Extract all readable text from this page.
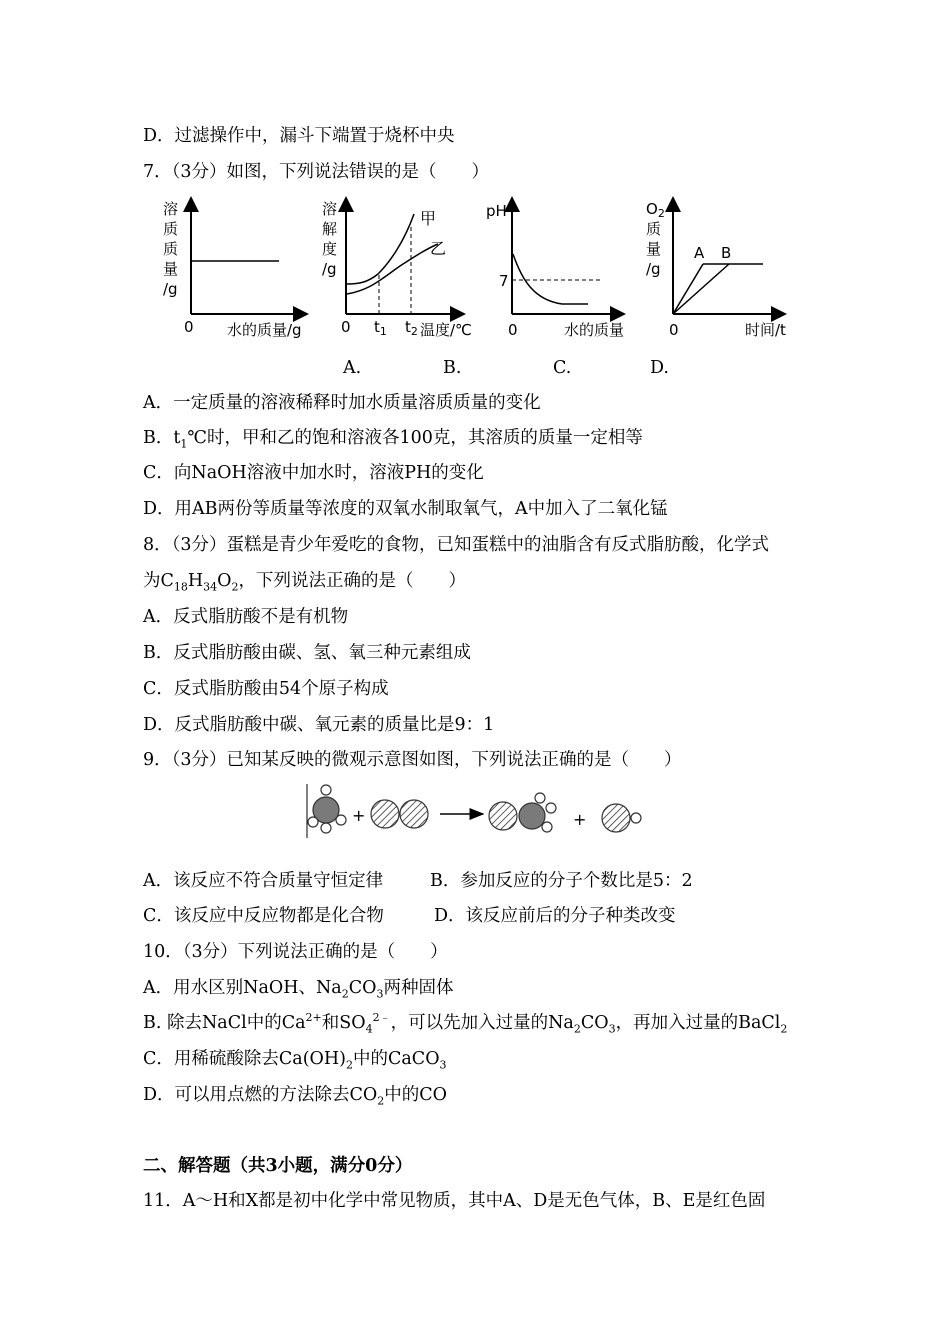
D．过滤操作中，漏斗下端置于烧杯中央
7．（3分）如图，下列说法错误的是（　　）
溶
质
质
量
/g
0 水的质量/g
溶
解
度
/g
甲
乙
0 $t_1$ $t_2$ 温度/℃
pH
7
0	水的质量
$O_2$
质
量
/g
A B
0	时间/t
A.	B.	C.	D.
A．一定质量的溶液稀释时加水质量溶质质量的变化
B．$t_1℃$时，甲和乙的饱和溶液各100克，其溶质的质量一定相等
C．向NaOH溶液中加水时，溶液PH的变化
D．用AB两份等质量等浓度的双氧水制取氧气，A中加入了二氧化锰
8．（3分）蛋糕是青少年爱吃的食物，已知蛋糕中的油脂含有反式脂肪酸，化学式
为$C_{18}H_{34}O_2$，下列说法正确的是（　　）
A．反式脂肪酸不是有机物
B．反式脂肪酸由碳、氢、氧三种元素组成
C．反式脂肪酸由54个原子构成
D．反式脂肪酸中碳、氧元素的质量比是9：1
9．（3分）已知某反映的微观示意图如图，下列说法正确的是（　　）
+	+
A．该反应不符合质量守恒定律	B．参加反应的分子个数比是5：2
C．该反应中反应物都是化合物	D．该反应前后的分子种类改变
10．（3分）下列说法正确的是（　　）
A．用水区别NaOH、$Na_2CO_3$两种固体
B. 除去NaCl中的$Ca^{2+}$和$SO_4^{2﹣}$，可以先加入过量的$Na_2CO_3$，再加入过量的BaCl$_2$
C．用稀硫酸除去$Ca(OH)_2$中的CaCO$_3$
D．可以用点燃的方法除去$CO_2$中的CO
二、解答题（共3小题，满分0分）
11．A～H和X都是初中化学中常见物质，其中A、D是无色气体，B、E是红色固
